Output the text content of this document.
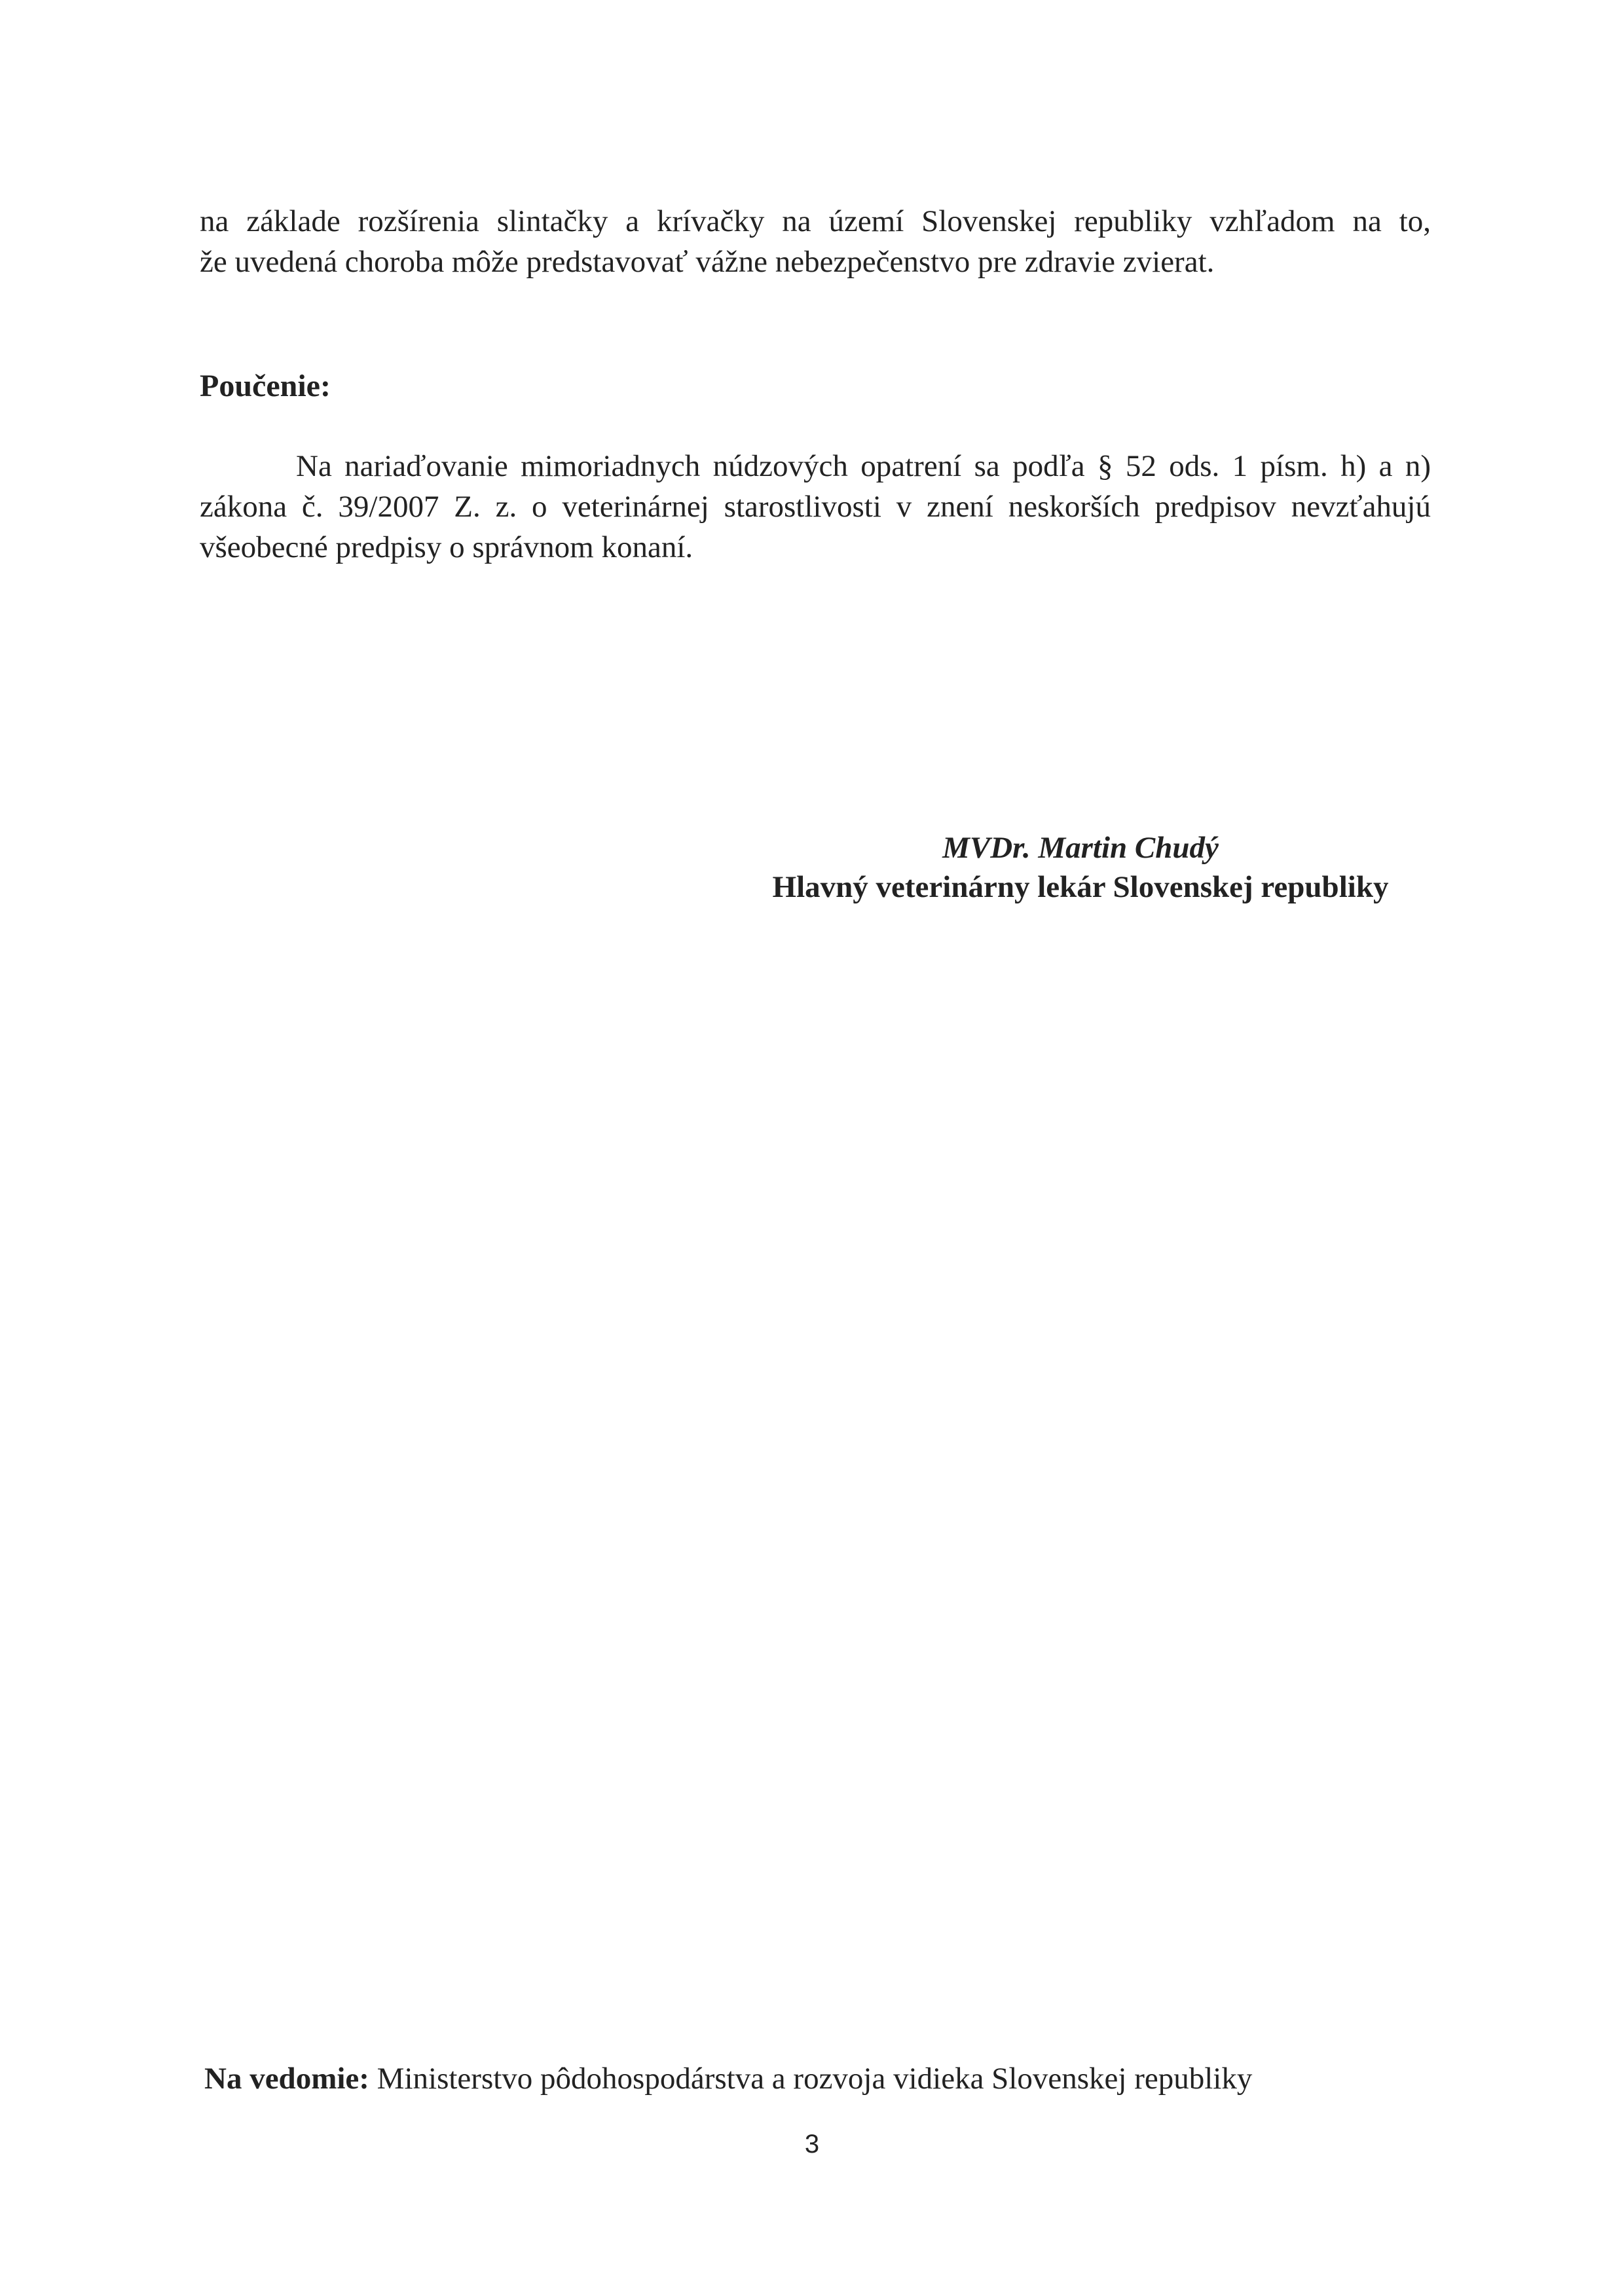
na základe rozšírenia slintačky a krívačky na území Slovenskej republiky vzhľadom na to,

že uvedená choroba môže predstavovať vážne nebezpečenstvo pre zdravie zvierat.

Poučenie:

Na nariaďovanie mimoriadnych núdzových opatrení sa podľa § 52 ods. 1 písm. h) a n)

zákona č. 39/2007 Z. z. o veterinárnej starostlivosti v znení neskorších predpisov nevzťahujú

všeobecné predpisy o správnom konaní.

MVDr. Martin Chudý

Hlavný veterinárny lekár Slovenskej republiky

Na vedomie: Ministerstvo pôdohospodárstva a rozvoja vidieka Slovenskej republiky

3
